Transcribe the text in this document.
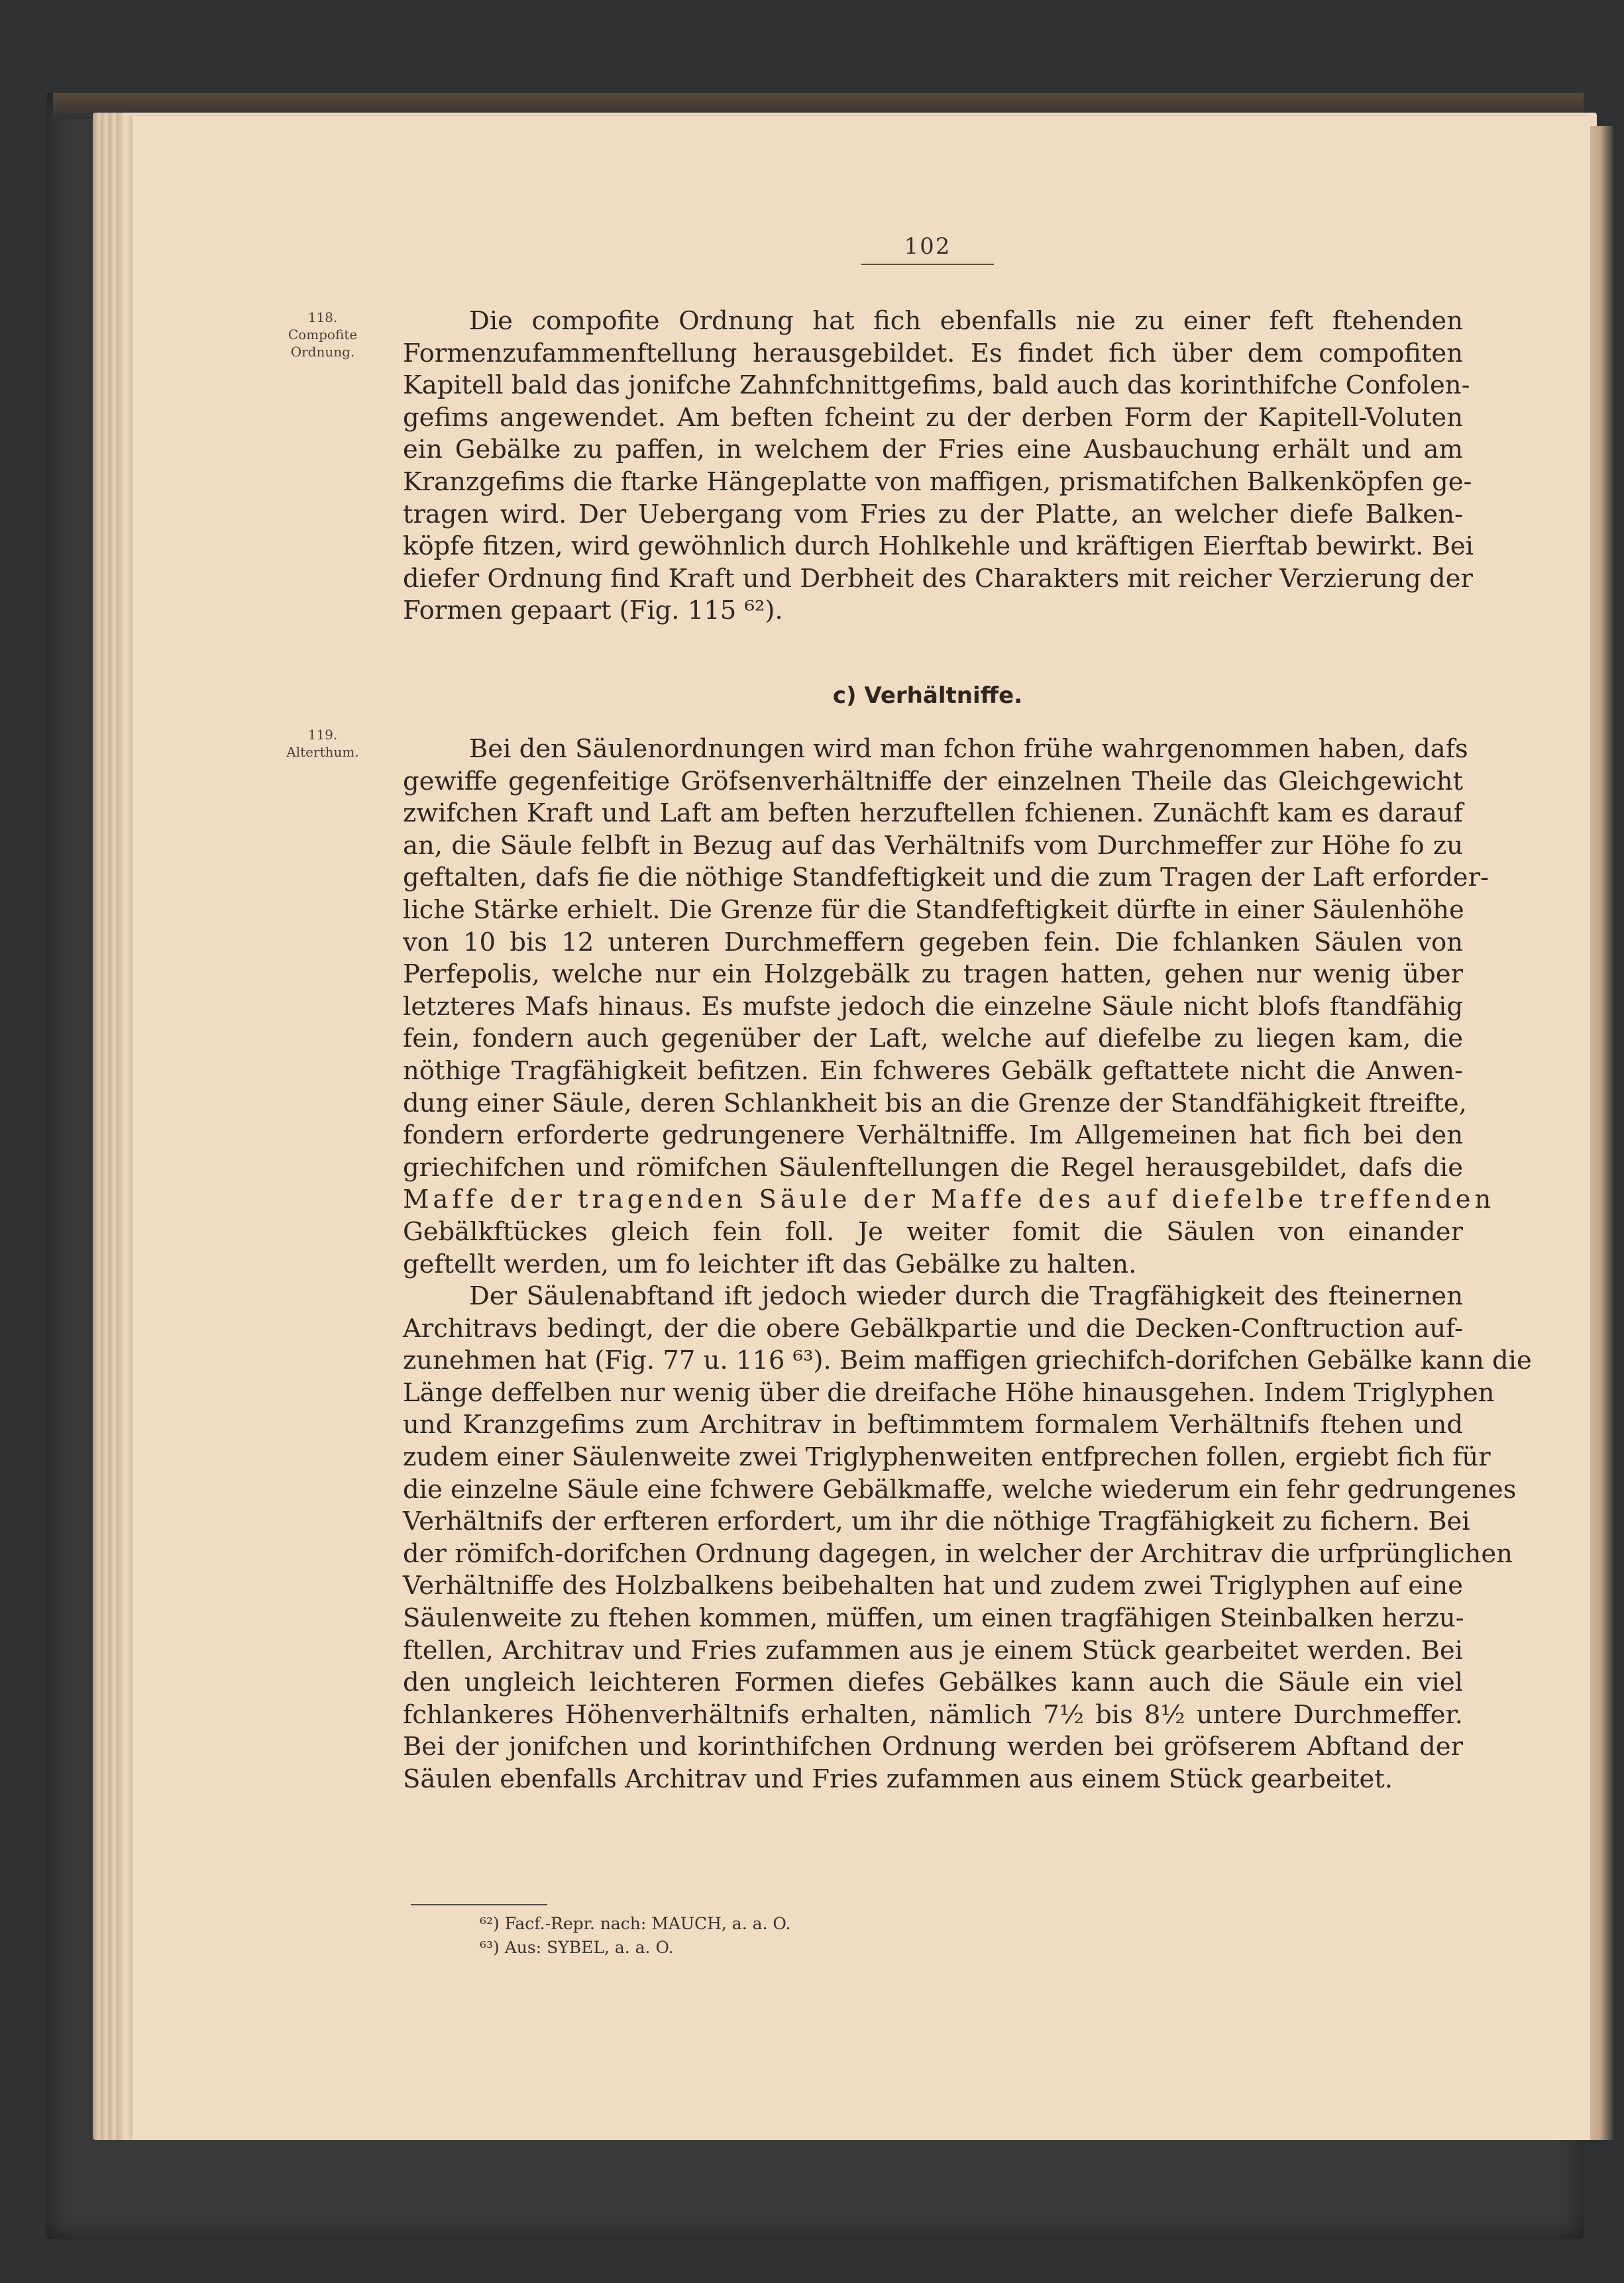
102
118.
Compofite
Ordnung.
119.
Alterthum.
Die compofite Ordnung hat fich ebenfalls nie zu einer feft ftehenden
Formenzufammenftellung herausgebildet. Es findet fich über dem compofiten
Kapitell bald das jonifche Zahnfchnittgefims, bald auch das korinthifche Confolen-
gefims angewendet. Am beften fcheint zu der derben Form der Kapitell-Voluten
ein Gebälke zu paffen, in welchem der Fries eine Ausbauchung erhält und am
Kranzgefims die ftarke Hängeplatte von maffigen, prismatifchen Balkenköpfen ge-
tragen wird. Der Uebergang vom Fries zu der Platte, an welcher diefe Balken-
köpfe fitzen, wird gewöhnlich durch Hohlkehle und kräftigen Eierftab bewirkt. Bei
diefer Ordnung find Kraft und Derbheit des Charakters mit reicher Verzierung der
Formen gepaart (Fig. 115 ⁶²).
c) Verhältniffe.
Bei den Säulenordnungen wird man fchon frühe wahrgenommen haben, dafs
gewiffe gegenfeitige Gröfsenverhältniffe der einzelnen Theile das Gleichgewicht
zwifchen Kraft und Laft am beften herzuftellen fchienen. Zunächft kam es darauf
an, die Säule felbft in Bezug auf das Verhältnifs vom Durchmeffer zur Höhe fo zu
geftalten, dafs fie die nöthige Standfeftigkeit und die zum Tragen der Laft erforder-
liche Stärke erhielt. Die Grenze für die Standfeftigkeit dürfte in einer Säulenhöhe
von 10 bis 12 unteren Durchmeffern gegeben fein. Die fchlanken Säulen von
Perfepolis, welche nur ein Holzgebälk zu tragen hatten, gehen nur wenig über
letzteres Mafs hinaus. Es mufste jedoch die einzelne Säule nicht blofs ftandfähig
fein, fondern auch gegenüber der Laft, welche auf diefelbe zu liegen kam, die
nöthige Tragfähigkeit befitzen. Ein fchweres Gebälk geftattete nicht die Anwen-
dung einer Säule, deren Schlankheit bis an die Grenze der Standfähigkeit ftreifte,
fondern erforderte gedrungenere Verhältniffe. Im Allgemeinen hat fich bei den
griechifchen und römifchen Säulenftellungen die Regel herausgebildet, dafs die
Maffe der tragenden Säule der Maffe des auf diefelbe treffenden
Gebälkftückes gleich fein foll. Je weiter fomit die Säulen von einander
geftellt werden, um fo leichter ift das Gebälke zu halten.
Der Säulenabftand ift jedoch wieder durch die Tragfähigkeit des fteinernen
Architravs bedingt, der die obere Gebälkpartie und die Decken-Conftruction auf-
zunehmen hat (Fig. 77 u. 116 ⁶³). Beim maffigen griechifch-dorifchen Gebälke kann die
Länge deffelben nur wenig über die dreifache Höhe hinausgehen. Indem Triglyphen
und Kranzgefims zum Architrav in beftimmtem formalem Verhältnifs ftehen und
zudem einer Säulenweite zwei Triglyphenweiten entfprechen follen, ergiebt fich für
die einzelne Säule eine fchwere Gebälkmaffe, welche wiederum ein fehr gedrungenes
Verhältnifs der erfteren erfordert, um ihr die nöthige Tragfähigkeit zu fichern. Bei
der römifch-dorifchen Ordnung dagegen, in welcher der Architrav die urfprünglichen
Verhältniffe des Holzbalkens beibehalten hat und zudem zwei Triglyphen auf eine
Säulenweite zu ftehen kommen, müffen, um einen tragfähigen Steinbalken herzu-
ftellen, Architrav und Fries zufammen aus je einem Stück gearbeitet werden. Bei
den ungleich leichteren Formen diefes Gebälkes kann auch die Säule ein viel
fchlankeres Höhenverhältnifs erhalten, nämlich 7½ bis 8½ untere Durchmeffer.
Bei der jonifchen und korinthifchen Ordnung werden bei gröfserem Abftand der
Säulen ebenfalls Architrav und Fries zufammen aus einem Stück gearbeitet.
⁶²) Facf.-Repr. nach: MAUCH, a. a. O.
⁶³) Aus: SYBEL, a. a. O.
